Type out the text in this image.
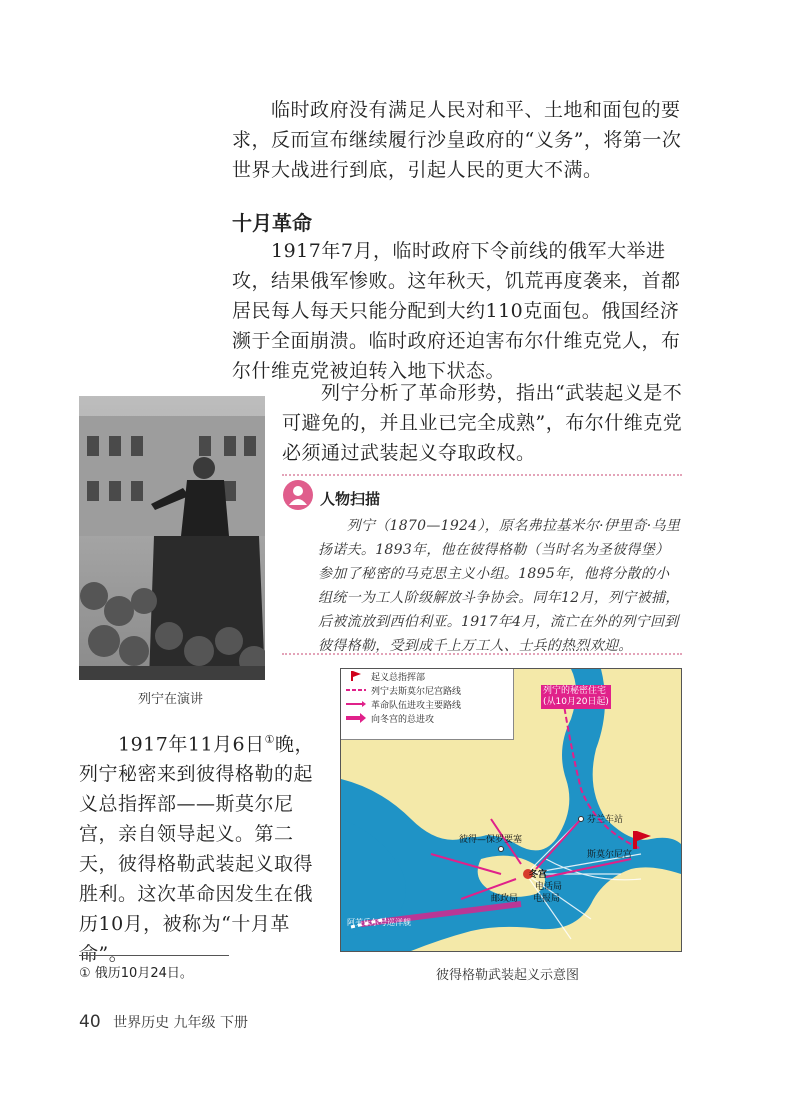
　　临时政府没有满足人民对和平、土地和面包的要求，反而宣布继续履行沙皇政府的“义务”，将第一次世界大战进行到底，引起人民的更大不满。

十月革命

　　1917年7月，临时政府下令前线的俄军大举进攻，结果俄军惨败。这年秋天，饥荒再度袭来，首都居民每人每天只能分配到大约110克面包。俄国经济濒于全面崩溃。临时政府还迫害布尔什维克党人，布尔什维克党被迫转入地下状态。

　　列宁分析了革命形势，指出“武装起义是不可避免的，并且业已完全成熟”，布尔什维克党必须通过武装起义夺取政权。

列宁在演讲
人物扫描

　　列宁（1870—1924），原名弗拉基米尔·伊里奇·乌里扬诺夫。1893年，他在彼得格勒（当时名为圣彼得堡）参加了秘密的马克思主义小组。1895年，他将分散的小组统一为工人阶级解放斗争协会。同年12月，列宁被捕，后被流放到西伯利亚。1917年4月，流亡在外的列宁回到彼得格勒，受到成千上万工人、士兵的热烈欢迎。

　　1917年11月6日①晚，列宁秘密来到彼得格勒的起义总指挥部——斯莫尔尼宫，亲自领导起义。第二天，彼得格勒武装起义取得胜利。这次革命因发生在俄历10月，被称为“十月革命”。

起义总指挥部
列宁去斯莫尔尼宫路线
革命队伍进攻主要路线
向冬宫的总进攻
列宁的秘密住宅
(从10月20日起)
彼得—保罗要塞
芬兰车站
斯莫尔尼宫
冬宫
电话局
邮政局 电报局
阿芙乐尔号巡洋舰
彼得格勒武装起义示意图
① 俄历10月24日。
40 世界历史 九年级 下册
